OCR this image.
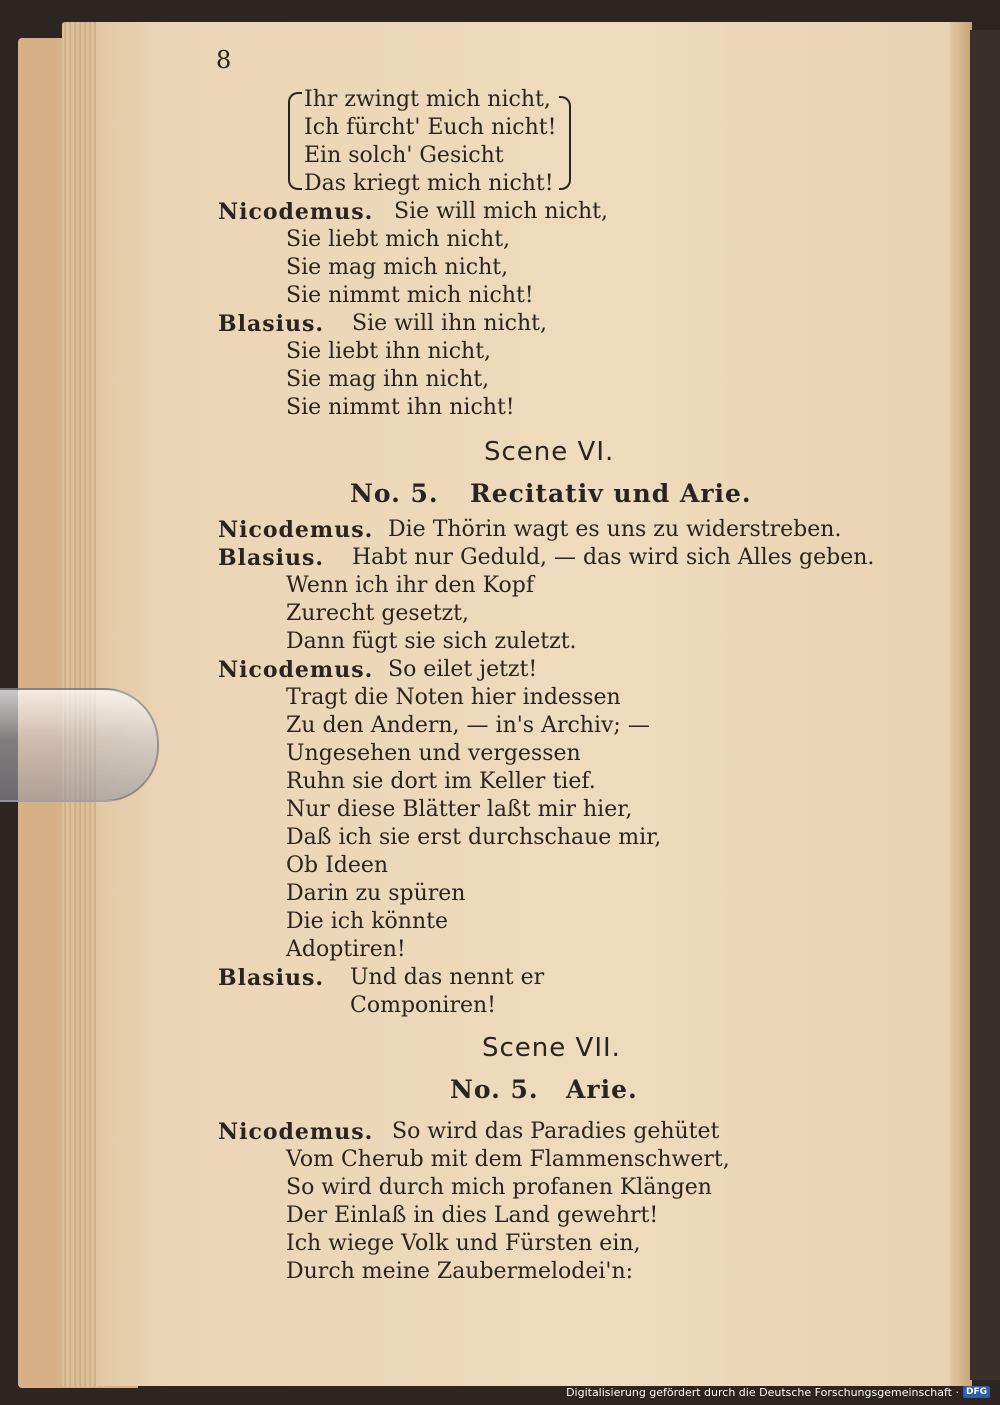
8
Ihr zwingt mich nicht,
Ich fürcht' Euch nicht!
Ein solch' Gesicht
Das kriegt mich nicht!
Nicodemus. Sie will mich nicht,
Sie liebt mich nicht,
Sie mag mich nicht,
Sie nimmt mich nicht!
Blasius. Sie will ihn nicht,
Sie liebt ihn nicht,
Sie mag ihn nicht,
Sie nimmt ihn nicht!
Scene VI.
No. 5. Recitativ und Arie.
Nicodemus. Die Thörin wagt es uns zu widerstreben.
Blasius. Habt nur Geduld, — das wird sich Alles geben.
Wenn ich ihr den Kopf
Zurecht gesetzt,
Dann fügt sie sich zuletzt.
Nicodemus. So eilet jetzt!
Tragt die Noten hier indessen
Zu den Andern, — in's Archiv; —
Ungesehen und vergessen
Ruhn sie dort im Keller tief.
Nur diese Blätter laßt mir hier,
Daß ich sie erst durchschaue mir,
Ob Ideen
Darin zu spüren
Die ich könnte
Adoptiren!
Blasius. Und das nennt er
Componiren!
Scene VII.
No. 5. Arie.
Nicodemus. So wird das Paradies gehütet
Vom Cherub mit dem Flammenschwert,
So wird durch mich profanen Klängen
Der Einlaß in dies Land gewehrt!
Ich wiege Volk und Fürsten ein,
Durch meine Zaubermelodei'n:
Digitalisierung gefördert durch die Deutsche Forschungsgemeinschaft · DFG
